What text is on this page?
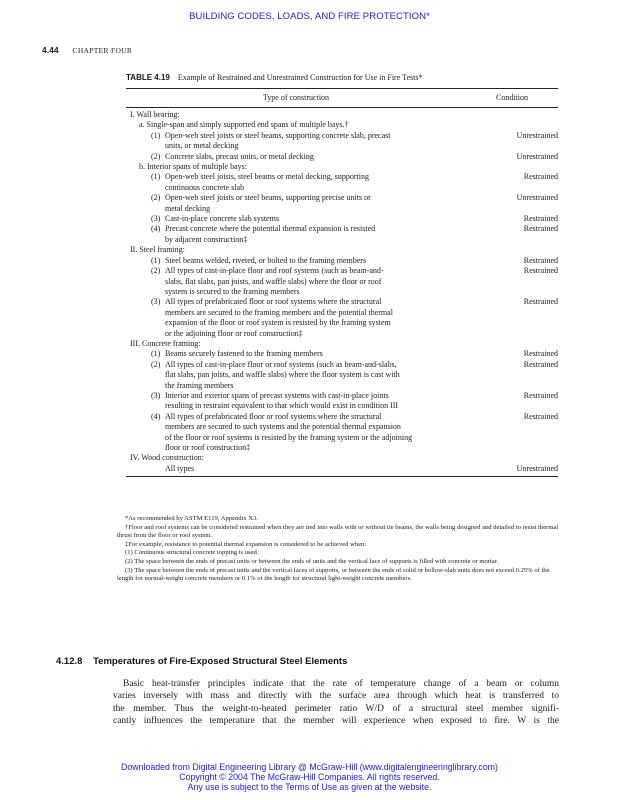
BUILDING CODES, LOADS, AND FIRE PROTECTION*
4.44 CHAPTER FOUR
TABLE 4.19 Example of Restrained and Unrestrained Construction for Use in Fire Tests*
Type of construction	Condition
I. Wall bearing:
a. Single-span and simply supported end spans of multiple bays.†
(1) Open-web steel joists or steel beams, supporting concrete slab, precast
units, or metal decking
Unrestrained
(2) Concrete slabs, precast units, or metal decking	Unrestrained
b. Interior spans of multiple bays:
(1) Open-web steel joists, steel beams or metal decking, supporting
continuous concrete slab
Restrained
(2) Open-web steel joists or steel beams, supporting precise units or
metal decking
Unrestrained
(3) Cast-in-place concrete slab systems	Restrained
(4) Precast concrete where the potential thermal expansion is resisted
by adjacent construction‡
Restrained
II. Steel framing:
(1) Steel beams welded, riveted, or bolted to the framing members	Restrained
(2) All types of cast-in-place floor and roof systems (such as beam-and-
slabs, flat slabs, pan joists, and waffle slabs) where the floor or roof
system is secured to the framing members
Restrained
(3) All types of prefabricated floor or roof systems where the structural
members are secured to the framing members and the potential thermal
expansion of the floor or roof system is resisted by the framing system
or the adjoining floor or roof construction‡
Restrained
III. Concrete framing:
(1) Beams securely fastened to the framing members	Restrained
(2) All types of cast-in-place floor or roof systems (such as beam-and-slabs,
flat slabs, pan joists, and waffle slabs) where the floor system is cast with
the framing members
Restrained
(3) Interior and exterior spans of precast systems with cast-in-place joints
resulting in restraint equivalent to that which would exist in condition III
Restrained
(4) All types of prefabricated floor or roof systems where the structural
members are secured to such systems and the potential thermal expansion
of the floor or roof systems is resisted by the framing system or the adjoining
floor or roof construction‡
Restrained
IV. Wood construction:
All types	Unrestrained

*As recommended by ASTM E119, Appendix X3.

†Floor and roof systems can be considered restrained when they are tied into walls with or without tie beams, the walls being designed and detailed to resist thermal thrust from the floor or roof system.

‡For example, resistance to potential thermal expansion is considered to be achieved when:

(1) Continuous structural concrete topping is used.

(2) The space between the ends of precast units or between the ends of units and the vertical face of supports is filled with concrete or mortar.

(3) The space between the ends of precast units and the vertical faces of supports, or between the ends of solid or hollow-slab units does not exceed 0.25% of the length for normal-weight concrete members or 0.1% of the length for structural light-weight concrete members.

4.12.8 Temperatures of Fire-Exposed Structural Steel Elements
Basic heat-transfer principles indicate that the rate of temperature change of a beam or column
varies inversely with mass and directly with the surface area through which heat is transferred to
the member. Thus the weight-to-heated perimeter ratio W/D of a structural steel member signifi-
cantly influences the temperature that the member will experience when exposed to fire. W is the
Downloaded from Digital Engineering Library @ McGraw-Hill (www.digitalengineeringlibrary.com)
Copyright © 2004 The McGraw-Hill Companies. All rights reserved.
Any use is subject to the Terms of Use as given at the website.
